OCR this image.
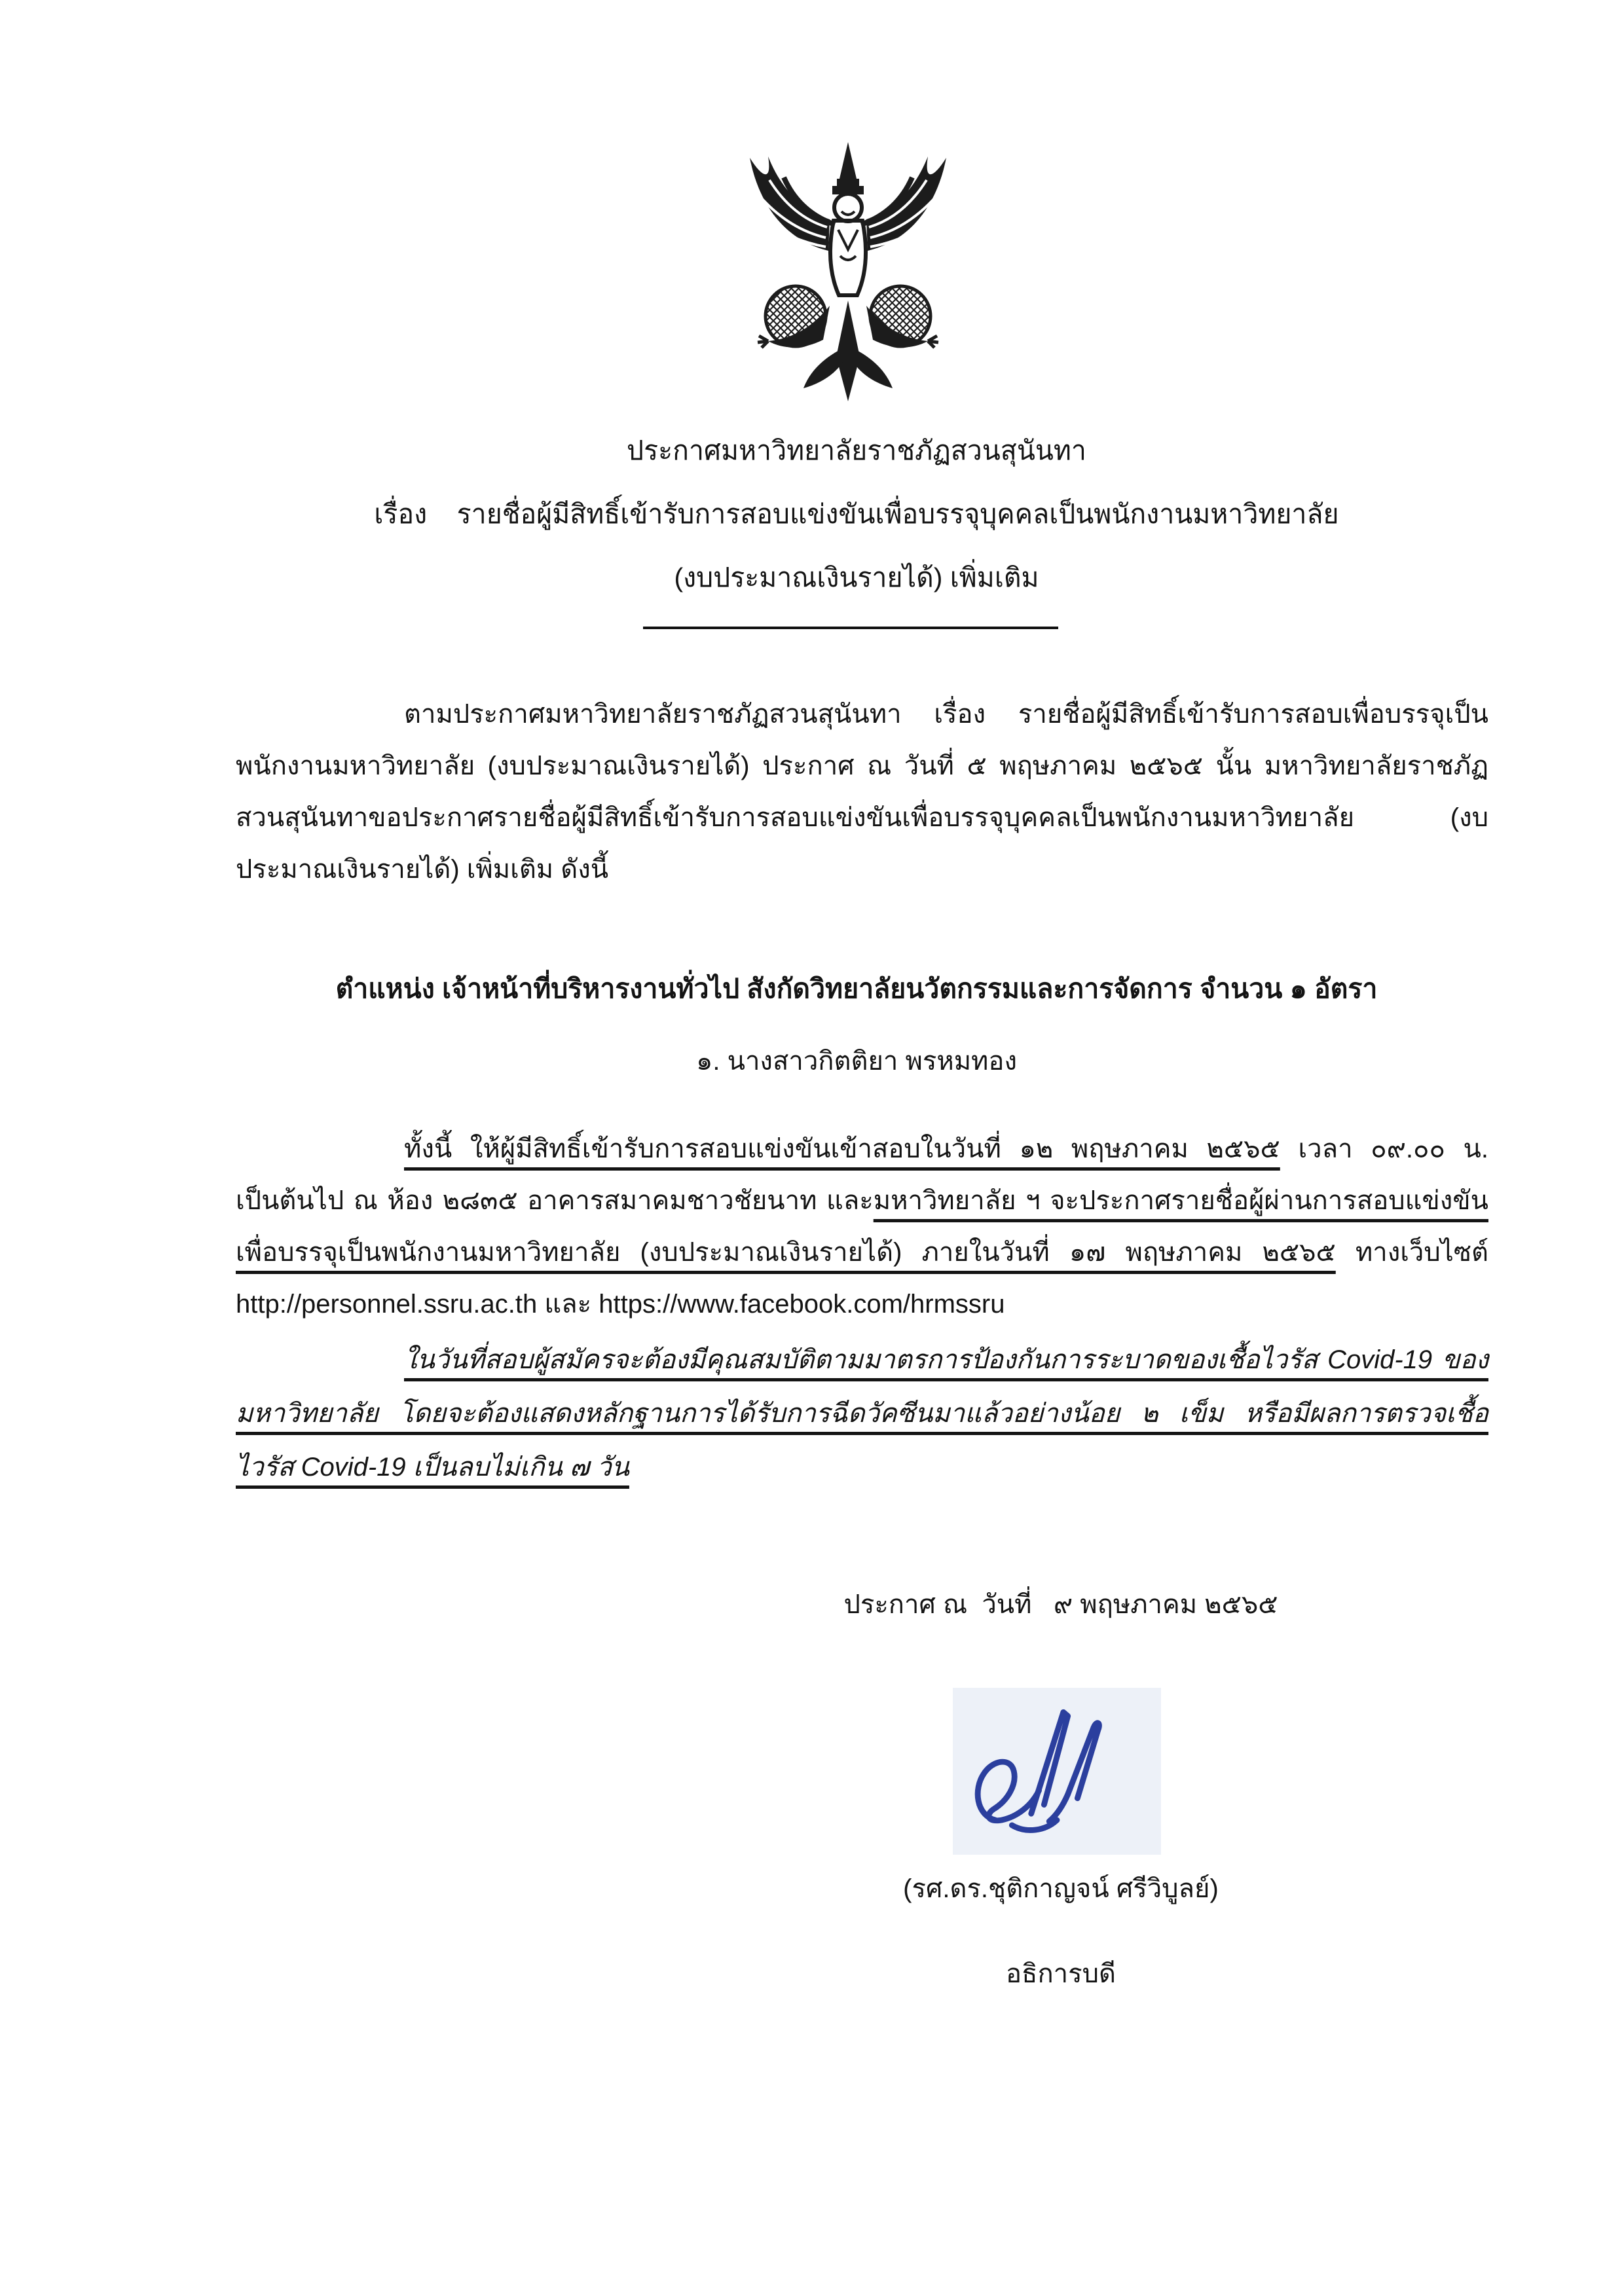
ประกาศมหาวิทยาลัยราชภัฏสวนสุนันทา
เรื่อง    รายชื่อผู้มีสิทธิ์เข้ารับการสอบแข่งขันเพื่อบรรจุบุคคลเป็นพนักงานมหาวิทยาลัย
(งบประมาณเงินรายได้) เพิ่มเติม
ตามประกาศมหาวิทยาลัยราชภัฏสวนสุนันทา เรื่อง รายชื่อผู้มีสิทธิ์เข้ารับการสอบเพื่อบรรจุเป็นพนักงานมหาวิทยาลัย (งบประมาณเงินรายได้) ประกาศ ณ วันที่ ๕ พฤษภาคม ๒๕๖๕ นั้น มหาวิทยาลัยราชภัฏสวนสุนันทาขอประกาศรายชื่อผู้มีสิทธิ์เข้ารับการสอบแข่งขันเพื่อบรรจุบุคคลเป็นพนักงานมหาวิทยาลัย (งบประมาณเงินรายได้) เพิ่มเติม ดังนี้
ตำแหน่ง เจ้าหน้าที่บริหารงานทั่วไป สังกัดวิทยาลัยนวัตกรรมและการจัดการ จำนวน ๑ อัตรา
๑. นางสาวกิตติยา พรหมทอง
ทั้งนี้ ให้ผู้มีสิทธิ์เข้ารับการสอบแข่งขันเข้าสอบในวันที่ ๑๒ พฤษภาคม ๒๕๖๕ เวลา ๐๙.๐๐ น. เป็นต้นไป ณ ห้อง ๒๘๓๕ อาคารสมาคมชาวชัยนาท และมหาวิทยาลัย ฯ จะประกาศรายชื่อผู้ผ่านการสอบแข่งขันเพื่อบรรจุเป็นพนักงานมหาวิทยาลัย (งบประมาณเงินรายได้) ภายในวันที่ ๑๗ พฤษภาคม ๒๕๖๕ ทางเว็บไซต์ http://personnel.ssru.ac.th และ https://www.facebook.com/hrmssru
ในวันที่สอบผู้สมัครจะต้องมีคุณสมบัติตามมาตรการป้องกันการระบาดของเชื้อไวรัส Covid-19 ของมหาวิทยาลัย โดยจะต้องแสดงหลักฐานการได้รับการฉีดวัคซีนมาแล้วอย่างน้อย ๒ เข็ม หรือมีผลการตรวจเชื้อไวรัส Covid-19 เป็นลบไม่เกิน ๗ วัน
ประกาศ ณ  วันที่   ๙ พฤษภาคม ๒๕๖๕
(รศ.ดร.ชุติกาญจน์ ศรีวิบูลย์)
อธิการบดี
